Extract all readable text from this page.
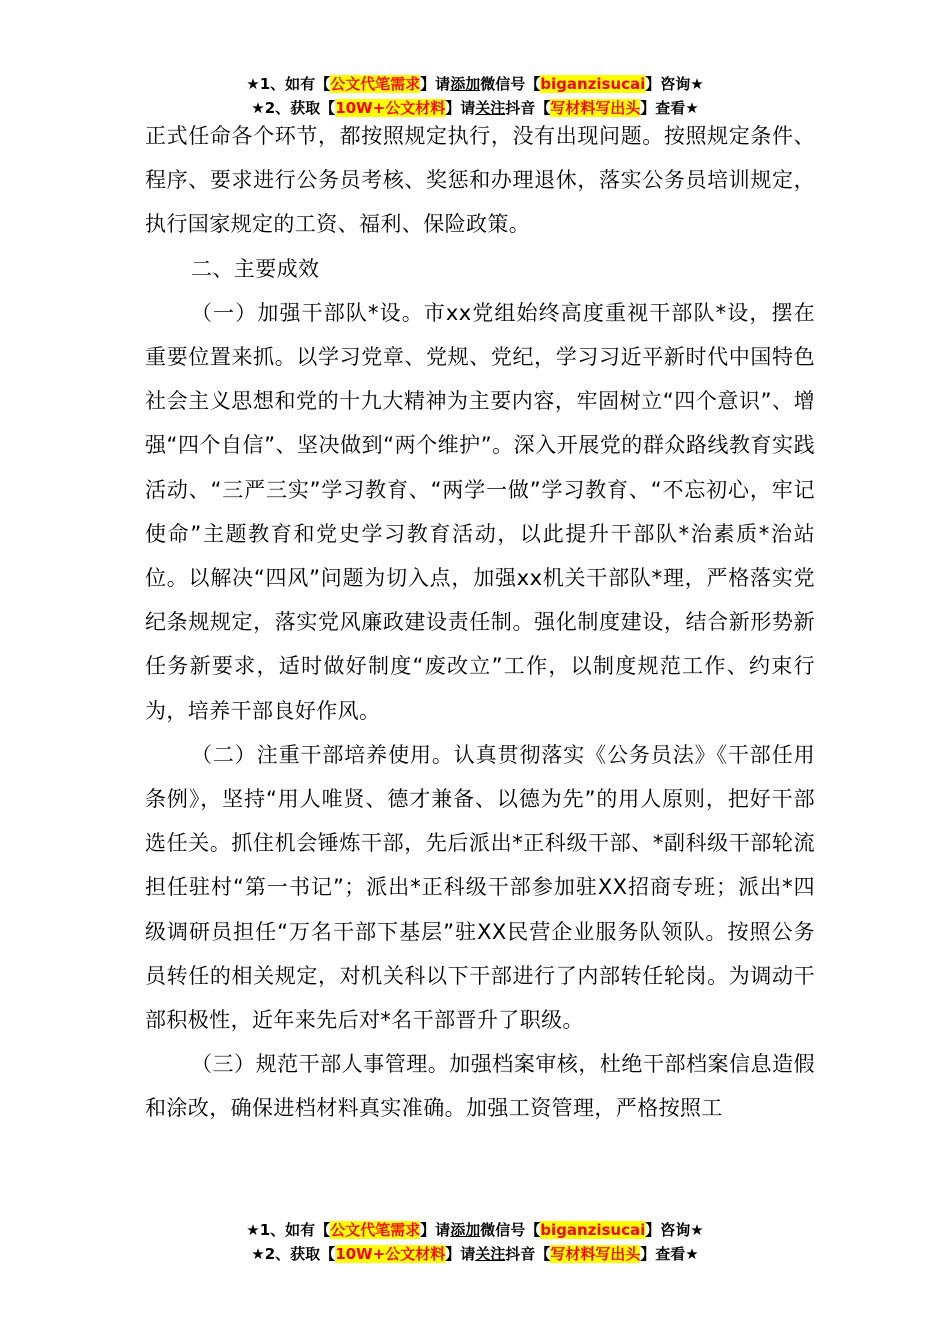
★1、如有【公文代笔需求】请添加微信号【biganzisucai】咨询★
★2、获取【10W+公文材料】请关注抖音【写材料写出头】查看★

正式任命各个环节，都按照规定执行，没有出现问题。按照规定条件、程序、要求进行公务员考核、奖惩和办理退休，落实公务员培训规定，执行国家规定的工资、福利、保险政策。

二、主要成效

（一）加强干部队*设。市xx党组始终高度重视干部队*设，摆在重要位置来抓。以学习党章、党规、党纪，学习习近平新时代中国特色社会主义思想和党的十九大精神为主要内容，牢固树立“四个意识”、增强“四个自信”、坚决做到“两个维护”。深入开展党的群众路线教育实践活动、“三严三实”学习教育、“两学一做”学习教育、“不忘初心，牢记使命”主题教育和党史学习教育活动，以此提升干部队*治素质*治站位。以解决“四风”问题为切入点，加强xx机关干部队*理，严格落实党纪条规规定，落实党风廉政建设责任制。强化制度建设，结合新形势新任务新要求，适时做好制度“废改立”工作，以制度规范工作、约束行为，培养干部良好作风。

（二）注重干部培养使用。认真贯彻落实《公务员法》《干部任用条例》，坚持“用人唯贤、德才兼备、以德为先”的用人原则，把好干部选任关。抓住机会锤炼干部，先后派出*正科级干部、*副科级干部轮流担任驻村“第一书记”；派出*正科级干部参加驻XX招商专班；派出*四级调研员担任“万名干部下基层”驻XX民营企业服务队领队。按照公务员转任的相关规定，对机关科以下干部进行了内部转任轮岗。为调动干部积极性，近年来先后对*名干部晋升了职级。

（三）规范干部人事管理。加强档案审核，杜绝干部档案信息造假和涂改，确保进档材料真实准确。加强工资管理，严格按照工

★1、如有【公文代笔需求】请添加微信号【biganzisucai】咨询★
★2、获取【10W+公文材料】请关注抖音【写材料写出头】查看★
